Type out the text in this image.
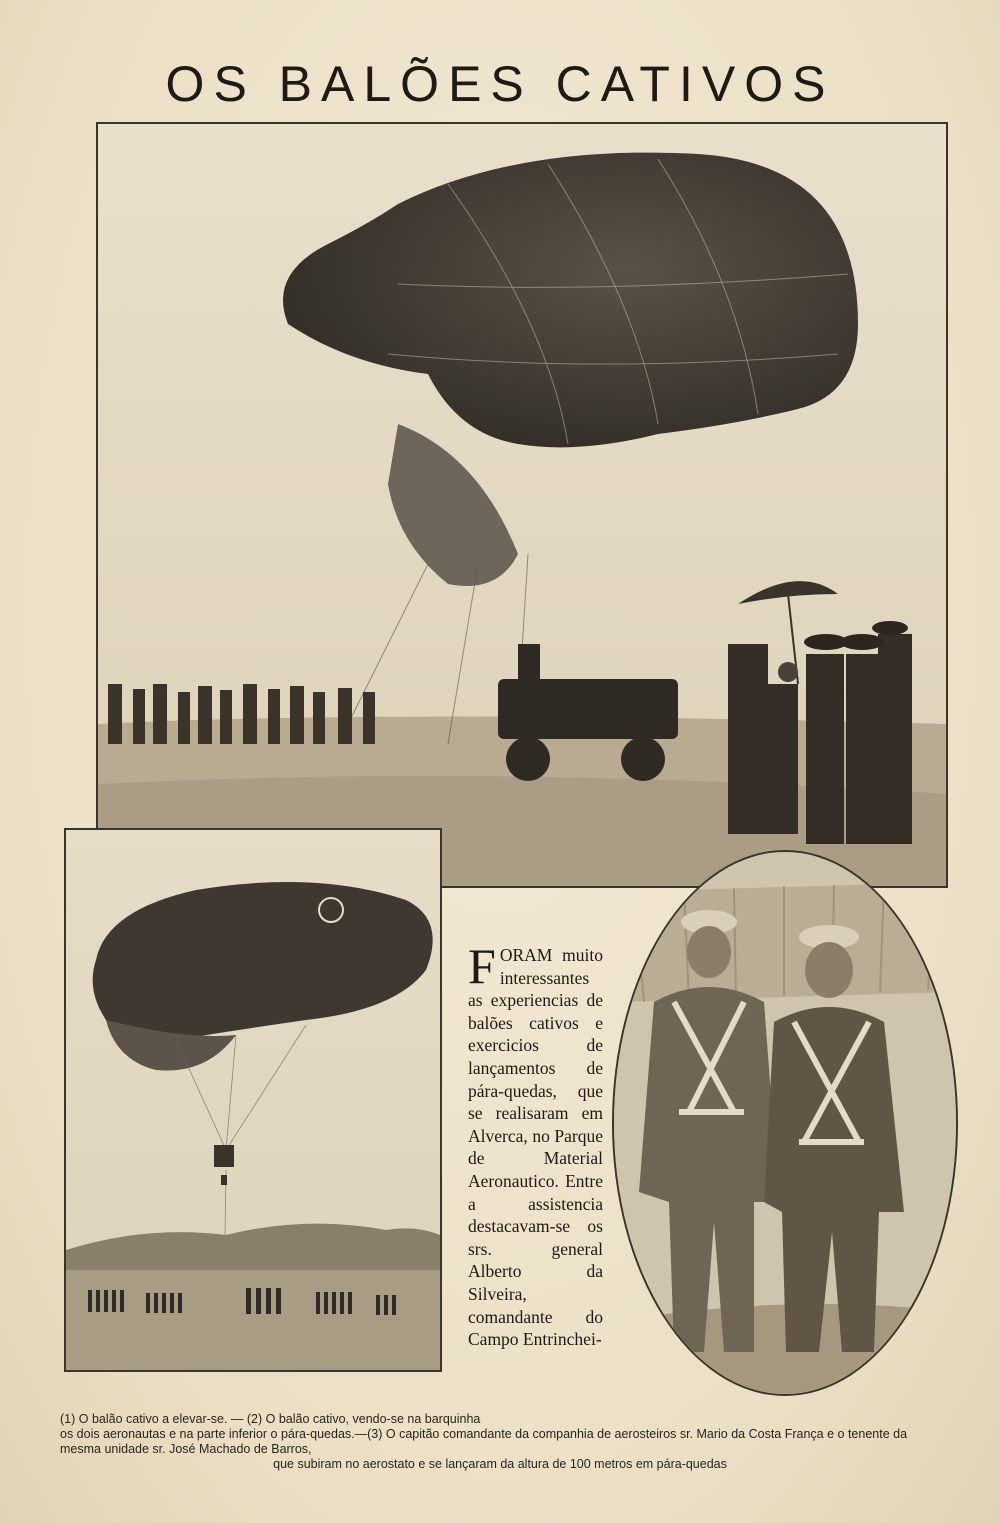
OS BALÕES CATIVOS
FORAM muito interessantes as experiencias de balões cativos e exercicios de lançamentos de pára-quedas, que se realisaram em Alverca, no Parque de Material Aeronautico. Entre a assistencia destacavam-se os srs. general Alberto da Silveira, comandante do Campo Entrinchei-
(1) O balão cativo a elevar-se. — (2) O balão cativo, vendo-se na barquinha
os dois aeronautas e na parte inferior o pára-quedas.—(3) O capitão comandante da companhia de aerosteiros sr. Mario da Costa França e o tenente da mesma unidade sr. José Machado de Barros,
que subiram no aerostato e se lançaram da altura de 100 metros em pára-quedas
